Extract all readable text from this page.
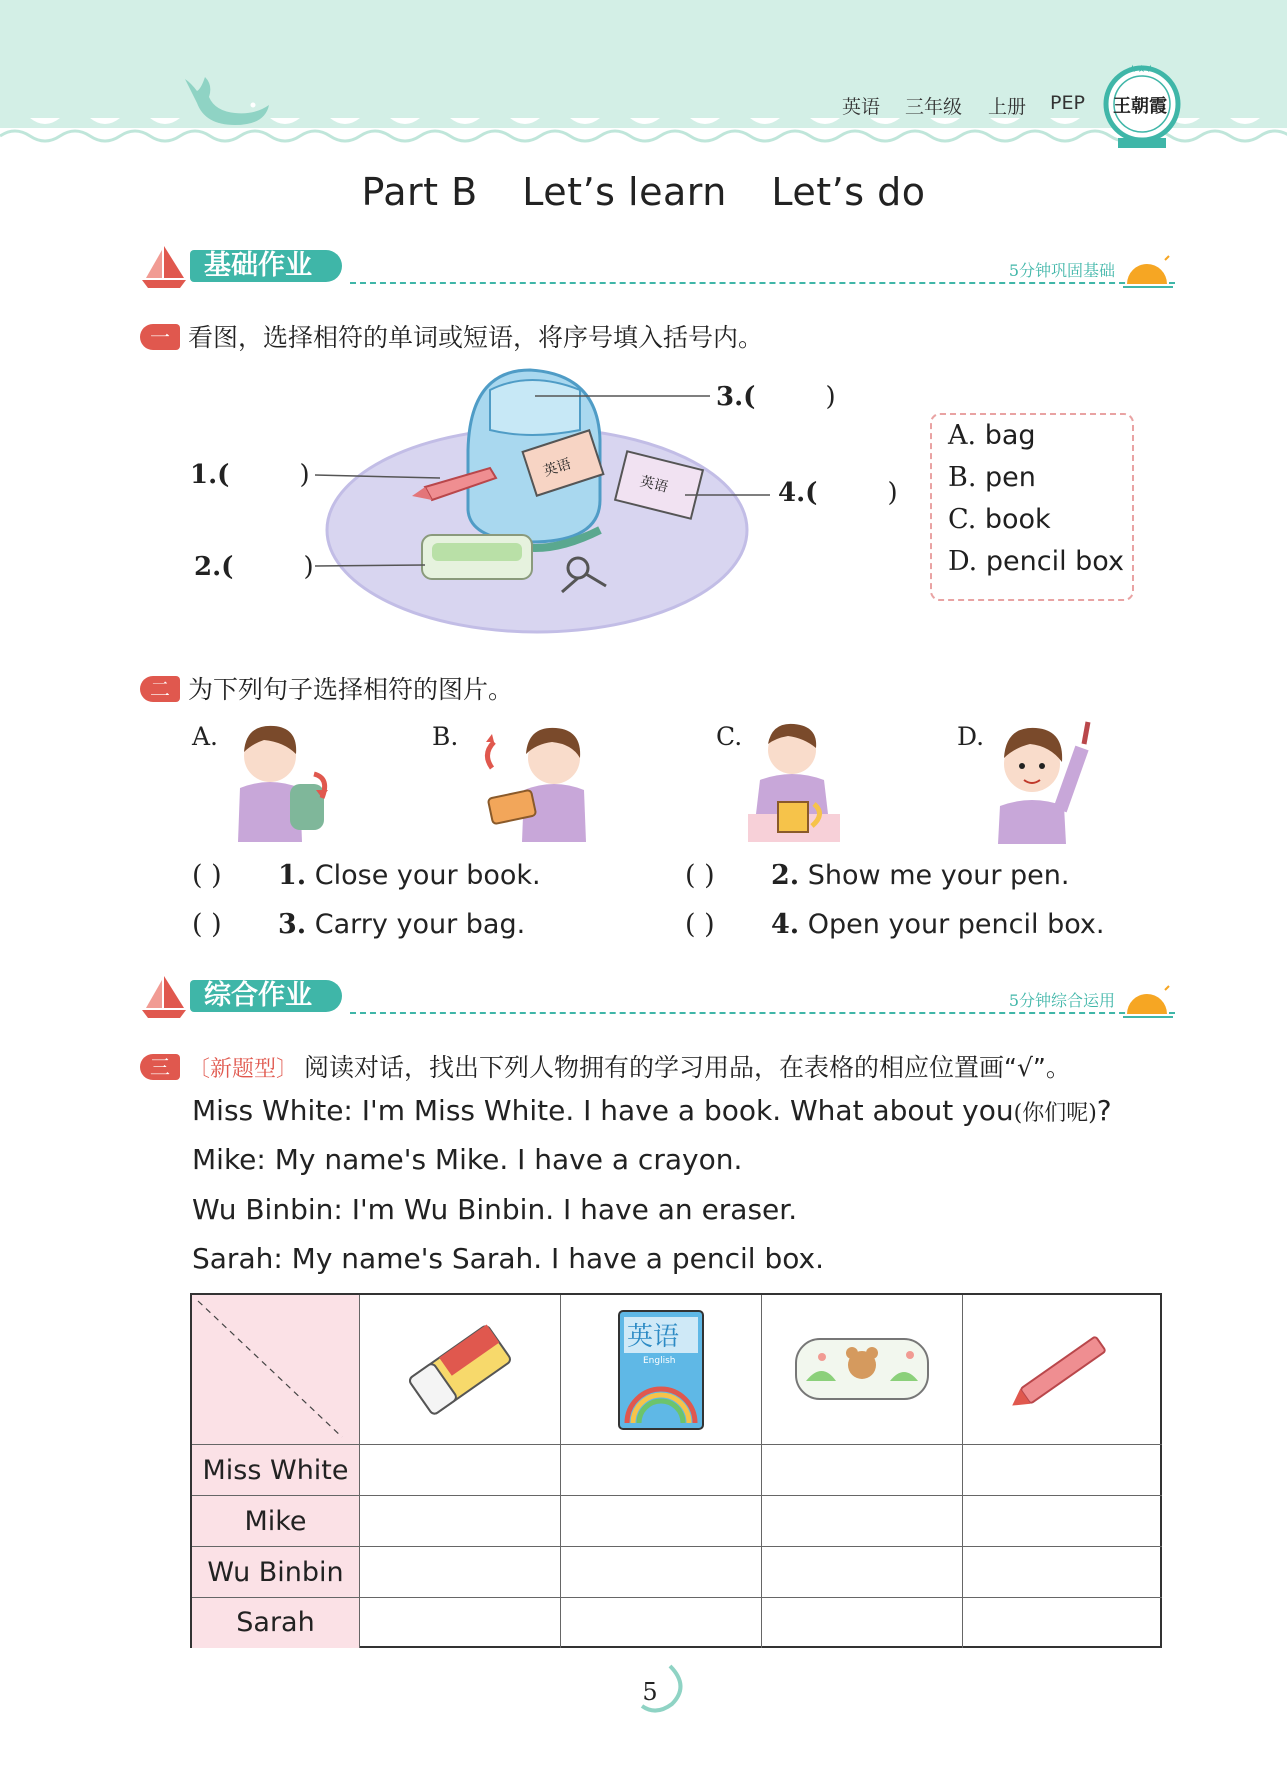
英语 三年级 上册 PEP
★★★
王朝霞
Part B Let’s learn Let’s do
基础作业	5分钟巩固基础
一 看图，选择相符的单词或短语，将序号填入括号内。
英语
英语
1.(	)
2.(	)
3.(	)
4.(	)
A. bag
B. pen
C. book
D. pencil box
二 为下列句子选择相符的图片。
A.	B.	C.	D.
( ) 1. Close your book.	( ) 2. Show me your pen.
( ) 3. Carry your bag.	( ) 4. Open your pencil box.
综合作业	5分钟综合运用
三 〔新题型〕 阅读对话，找出下列人物拥有的学习用品，在表格的相应位置画“√”。
Miss White: I'm Miss White. I have a book. What about you(你们呢)?
Mike: My name's Mike. I have a crayon.
Wu Binbin: I'm Wu Binbin. I have an eraser.
Sarah: My name's Sarah. I have a pencil box.
英语
English
Miss White
Mike
Wu Binbin
Sarah
5
